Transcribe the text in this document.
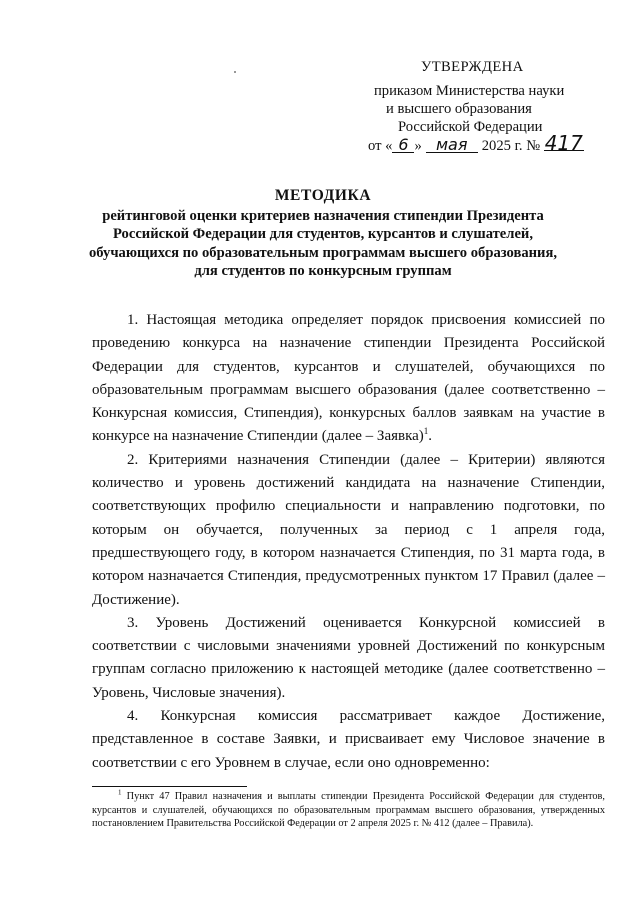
УТВЕРЖДЕНА
приказом Министерства науки
и высшего образования
Российской Федерации
от « 6 » мая 2025 г. № 417
МЕТОДИКА
рейтинговой оценки критериев назначения стипендии Президента
Российской Федерации для студентов, курсантов и слушателей,
обучающихся по образовательным программам высшего образования,
для студентов по конкурсным группам

1. Настоящая методика определяет порядок присвоения комиссией по проведению конкурса на назначение стипендии Президента Российской Федерации для студентов, курсантов и слушателей, обучающихся по образовательным программам высшего образования (далее соответственно – Конкурсная комиссия, Стипендия), конкурсных баллов заявкам на участие в конкурсе на назначение Стипендии (далее – Заявка)$^1$.

2. Критериями назначения Стипендии (далее – Критерии) являются количество и уровень достижений кандидата на назначение Стипендии, соответствующих профилю специальности и направлению подготовки, по которым он обучается, полученных за период с 1 апреля года, предшествующего году, в котором назначается Стипендия, по 31 марта года, в котором назначается Стипендия, предусмотренных пунктом 17 Правил (далее – Достижение).

3. Уровень Достижений оценивается Конкурсной комиссией в соответствии с числовыми значениями уровней Достижений по конкурсным группам согласно приложению к настоящей методике (далее соответственно – Уровень, Числовые значения).

4. Конкурсная комиссия рассматривает каждое Достижение, представленное в составе Заявки, и присваивает ему Числовое значение в соответствии с его Уровнем в случае, если оно одновременно:

$^1$ Пункт 47 Правил назначения и выплаты стипендии Президента Российской Федерации для студентов, курсантов и слушателей, обучающихся по образовательным программам высшего образования, утвержденных постановлением Правительства Российской Федерации от 2 апреля 2025 г. № 412 (далее – Правила).
